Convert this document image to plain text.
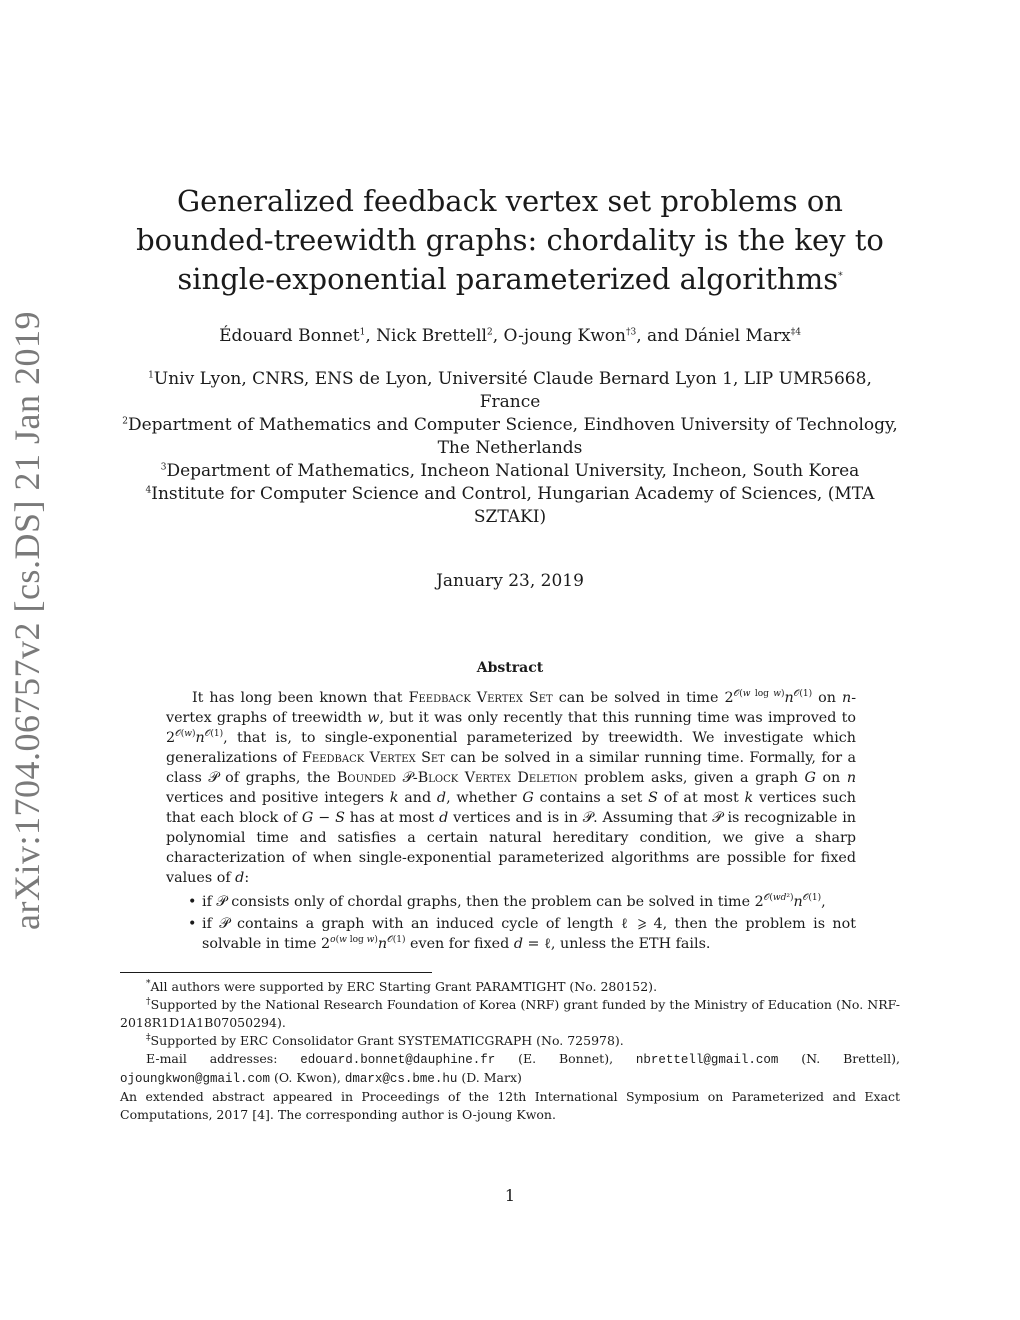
arXiv:1704.06757v2 [cs.DS] 21 Jan 2019
Generalized feedback vertex set problems on bounded-treewidth graphs: chordality is the key to single-exponential parameterized algorithms*
Édouard Bonnet$^1$, Nick Brettell$^2$, O-joung Kwon$^{\dagger 3}$, and Dániel Marx$^{\ddagger 4}$
$^1$Univ Lyon, CNRS, ENS de Lyon, Université Claude Bernard Lyon 1, LIP UMR5668, France
$^2$Department of Mathematics and Computer Science, Eindhoven University of Technology, The Netherlands
$^3$Department of Mathematics, Incheon National University, Incheon, South Korea
$^4$Institute for Computer Science and Control, Hungarian Academy of Sciences, (MTA SZTAKI)
January 23, 2019
Abstract

It has long been known that Feedback Vertex Set can be solved in time $2^{𝒪(w log w)}n^{𝒪(1)}$ on n-vertex graphs of treewidth w, but it was only recently that this running time was improved to $2^{𝒪(w)}n^{𝒪(1)}$, that is, to single-exponential parameterized by treewidth. We investigate which generalizations of Feedback Vertex Set can be solved in a similar running time. Formally, for a class 𝒫 of graphs, the Bounded 𝒫-Block Vertex Deletion problem asks, given a graph G on n vertices and positive integers k and d, whether G contains a set S of at most k vertices such that each block of G − S has at most d vertices and is in 𝒫. Assuming that 𝒫 is recognizable in polynomial time and satisfies a certain natural hereditary condition, we give a sharp characterization of when single-exponential parameterized algorithms are possible for fixed values of d:

• if 𝒫 consists only of chordal graphs, then the problem can be solved in time $2^{𝒪(wd^2)}n^{𝒪(1)}$,
• if 𝒫 contains a graph with an induced cycle of length ℓ ⩾ 4, then the problem is not solvable in time $2^{o(w log w)}n^{𝒪(1)}$ even for fixed d = ℓ, unless the ETH fails.
*All authors were supported by ERC Starting Grant PARAMTIGHT (No. 280152).
†Supported by the National Research Foundation of Korea (NRF) grant funded by the Ministry of Education (No. NRF-2018R1D1A1B07050294).
‡Supported by ERC Consolidator Grant SYSTEMATICGRAPH (No. 725978).
E-mail addresses: edouard.bonnet@dauphine.fr (E. Bonnet), nbrettell@gmail.com (N. Brettell), ojoungkwon@gmail.com (O. Kwon), dmarx@cs.bme.hu (D. Marx)
An extended abstract appeared in Proceedings of the 12th International Symposium on Parameterized and Exact Computations, 2017 [4]. The corresponding author is O-joung Kwon.
1
